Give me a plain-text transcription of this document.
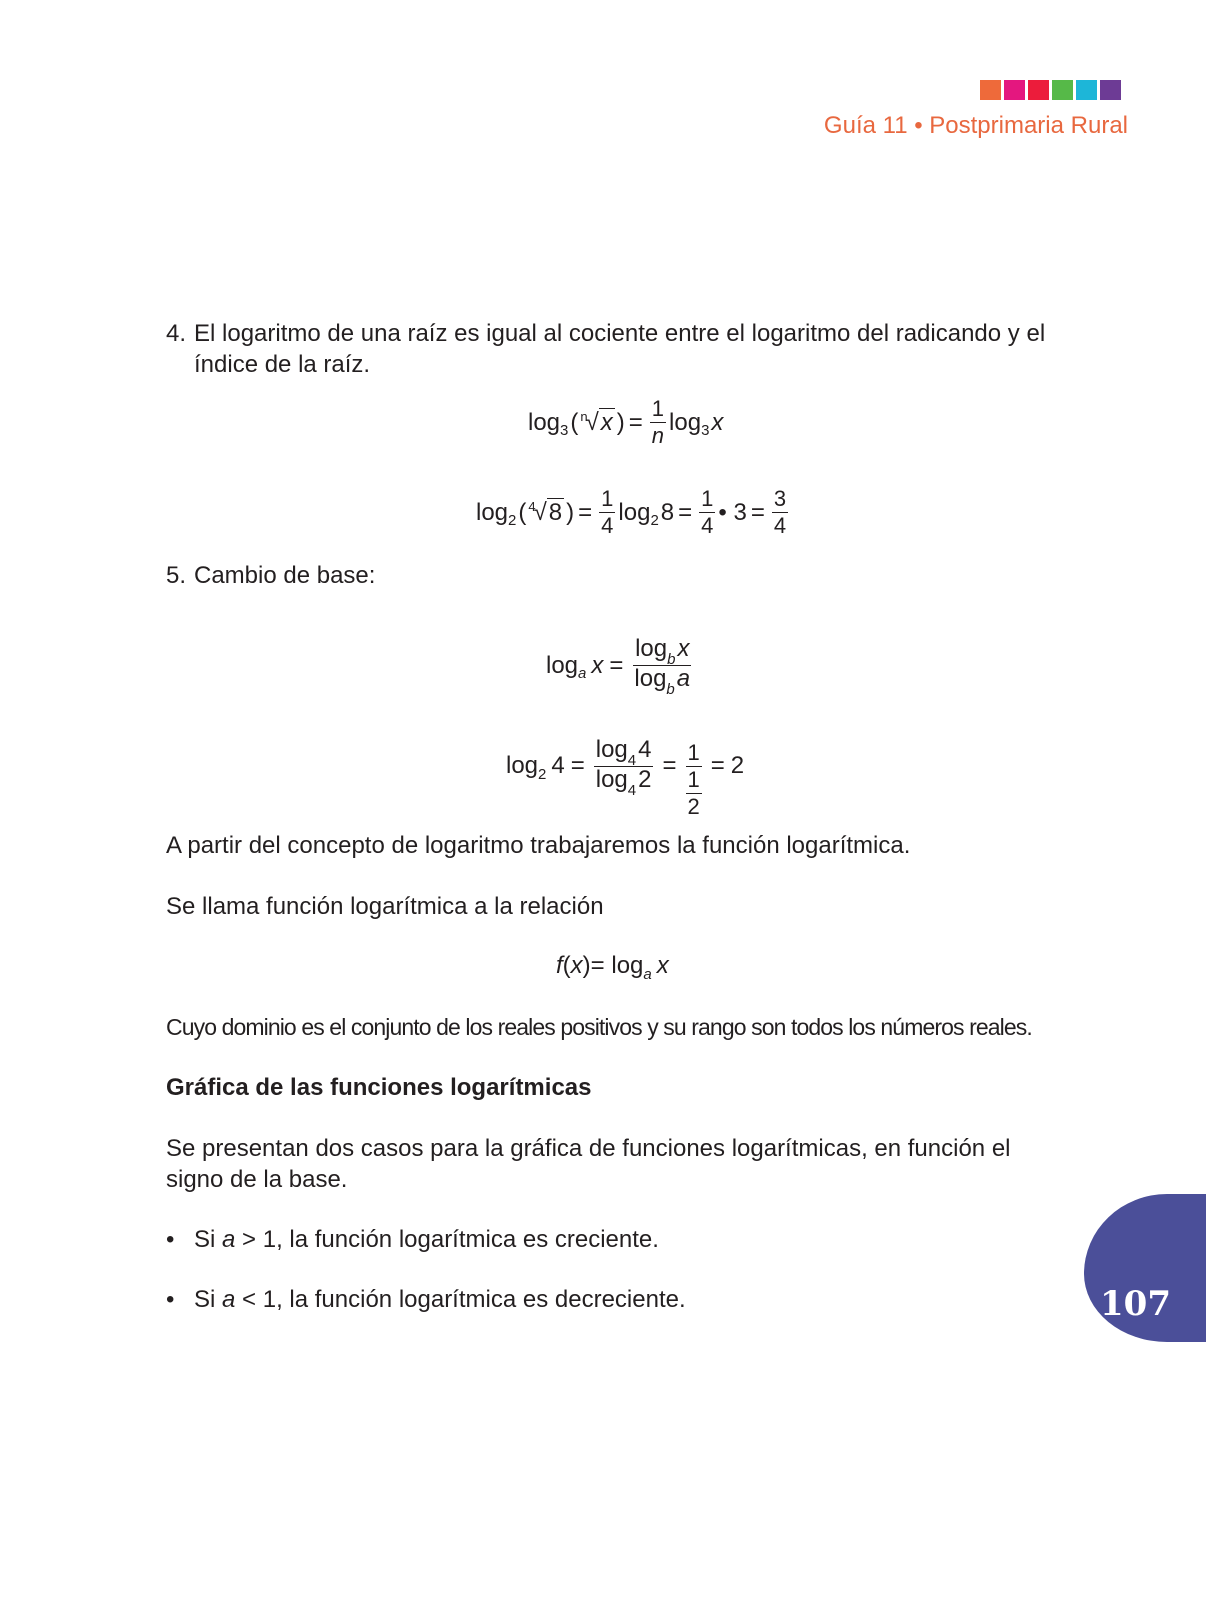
Guía 11 • Postprimaria Rural
107

4. El logaritmo de una raíz es igual al cociente entre el logaritmo del radicando y el índice de la raíz.

log 3 ( $^n$√x ) = $\frac{1}{n}$ log 3 x
log 2 ( $^4$√8 ) = $\frac{1}{4}$ log 2 $8 = \frac{1}{4}$ • $3 = \frac{3}{4}$

5. Cambio de base:

log a $x = \frac{\log_bx}{\log_ba}$
log 2 $4 = \frac{\log_44}{\log_42} = \frac{1}{\frac{1}{2}} = 2$

A partir del concepto de logaritmo trabajaremos la función logarítmica.

Se llama función logarítmica a la relación

f ( x )= log a x

Cuyo dominio es el conjunto de los reales positivos y su rango son todos los números reales.

Gráfica de las funciones logarítmicas

Se presentan dos casos para la gráfica de funciones logarítmicas, en función el signo de la base.

• Si a > 1, la función logarítmica es creciente.
• Si a < 1, la función logarítmica es decreciente.
